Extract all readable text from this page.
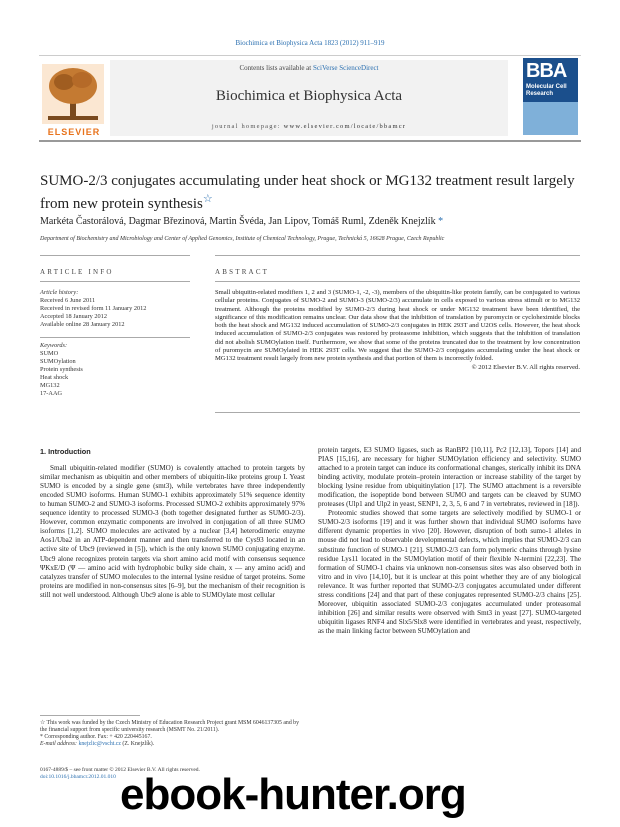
Biochimica et Biophysica Acta 1823 (2012) 911–919
ELSEVIER
Contents lists available at SciVerse ScienceDirect
Biochimica et Biophysica Acta
journal homepage: www.elsevier.com/locate/bbamcr
BBA
Molecular Cell Research
SUMO-2/3 conjugates accumulating under heat shock or MG132 treatment result largely from new protein synthesis☆
Markéta Častorálová, Dagmar Březinová, Martin Švéda, Jan Lipov, Tomáš Ruml, Zdeněk Knejzlík *
Department of Biochemistry and Microbiology and Center of Applied Genomics, Institute of Chemical Technology, Prague, Technická 5, 16628 Prague, Czech Republic
ARTICLE INFO	ABSTRACT
Article history:
Received 6 June 2011
Received in revised form 11 January 2012
Accepted 18 January 2012
Available online 28 January 2012
Keywords:
SUMO
SUMOylation
Protein synthesis
Heat shock
MG132
17-AAG
Small ubiquitin-related modifiers 1, 2 and 3 (SUMO-1, -2, -3), members of the ubiquitin-like protein family, can be conjugated to various cellular proteins. Conjugates of SUMO-2 and SUMO-3 (SUMO-2/3) accumulate in cells exposed to various stress stimuli or to MG132 treatment. Although the proteins modified by SUMO-2/3 during heat shock or under MG132 treatment have been identified, the significance of this modification remains unclear. Our data show that the inhibition of translation by puromycin or cycloheximide blocks both the heat shock and MG132 induced accumulation of SUMO-2/3 conjugates in HEK 293T and U2OS cells. However, the heat shock induced accumulation of SUMO-2/3 conjugates was restored by proteasome inhibition, which suggests that the inhibition of translation did not abolish SUMOylation itself. Furthermore, we show that some of the proteins truncated due to the treatment by low concentration of puromycin are SUMOylated in HEK 293T cells. We suggest that the SUMO-2/3 conjugates accumulating under the heat shock or MG132 treatment result largely from new protein synthesis and that portion of them is incorrectly folded.
© 2012 Elsevier B.V. All rights reserved.
1. Introduction

Small ubiquitin-related modifier (SUMO) is covalently attached to protein targets by similar mechanism as ubiquitin and other members of ubiquitin-like proteins group I. Yeast SUMO is encoded by a single gene (smt3), while vertebrates have three independently encoded SUMO isoforms. Human SUMO-1 exhibits approximately 51% sequence identity to human SUMO-2 and SUMO-3 isoforms. Processed SUMO-2 exhibits approximately 97% sequence identity to processed SUMO-3 (both together designated further as SUMO-2/3). However, common enzymatic components are involved in conjugation of all three SUMO isoforms [1,2]. SUMO molecules are activated by a nuclear [3,4] heterodimeric enzyme Aos1/Uba2 in an ATP-dependent manner and then transferred to the Cys93 located in an active site of Ubc9 (reviewed in [5]), which is the only known SUMO conjugating enzyme. Ubc9 alone recognizes protein targets via short amino acid motif with consensus sequence ΨKxE/D (Ψ — amino acid with hydrophobic bulky side chain, x — any amino acid) and catalyzes transfer of SUMO molecules to the internal lysine residue of target proteins. Some proteins are modified in non-consensus sites [6–9], but the mechanism of their recognition is still not well understood. Although Ubc9 alone is able to SUMOylate most cellular

protein targets, E3 SUMO ligases, such as RanBP2 [10,11], Pc2 [12,13], Topors [14] and PIAS [15,16], are necessary for higher SUMOylation efficiency and selectivity. SUMO attached to a protein target can induce its conformational changes, sterically inhibit its DNA binding activity, modulate protein–protein interaction or increase stability of the target by blocking lysine residue from ubiquitinylation [17]. The SUMO attachment is a reversible modification, the isopeptide bond between SUMO and targets can be cleaved by SUMO proteases (Ulp1 and Ulp2 in yeast, SENP1, 2, 3, 5, 6 and 7 in vertebrates, reviewed in [18]).

Proteomic studies showed that some targets are selectively modified by SUMO-1 or SUMO-2/3 isoforms [19] and it was further shown that individual SUMO isoforms have different dynamic properties in vivo [20]. However, disruption of both sumo-1 alleles in mouse did not lead to observable developmental defects, which implies that SUMO-2/3 can substitute function of SUMO-1 [21]. SUMO-2/3 can form polymeric chains through lysine residue Lys11 located in the SUMOylation motif of their flexible N-termini [22,23]. The formation of SUMO-1 chains via unknown non-consensus sites was also observed both in vitro and in vivo [14,10], but it is unclear at this point whether they are of any biological relevance. It was further reported that SUMO-2/3 conjugates accumulated under different stress conditions [24] and that part of these conjugates represented SUMO-2/3 chains [25]. Moreover, ubiquitin associated SUMO-2/3 conjugates accumulated under proteasomal inhibition [26] and similar results were observed with Smt3 in yeast [27]. SUMO-targeted ubiquitin ligases RNF4 and Slx5/Slx8 were identified in vertebrates and yeast, respectively, as the main linking factor between SUMOylation and

☆ This work was funded by the Czech Ministry of Education Research Project grant MSM 6046137305 and by the financial support from specific university research (MSMT No. 21/2011).
* Corresponding author. Fax: + 420 220445167.
E-mail address: knejzlic@vscht.cz (Z. Knejzlík).
0167-4889/$ – see front matter © 2012 Elsevier B.V. All rights reserved.
doi:10.1016/j.bbamcr.2012.01.010 ebook-hunter.org
